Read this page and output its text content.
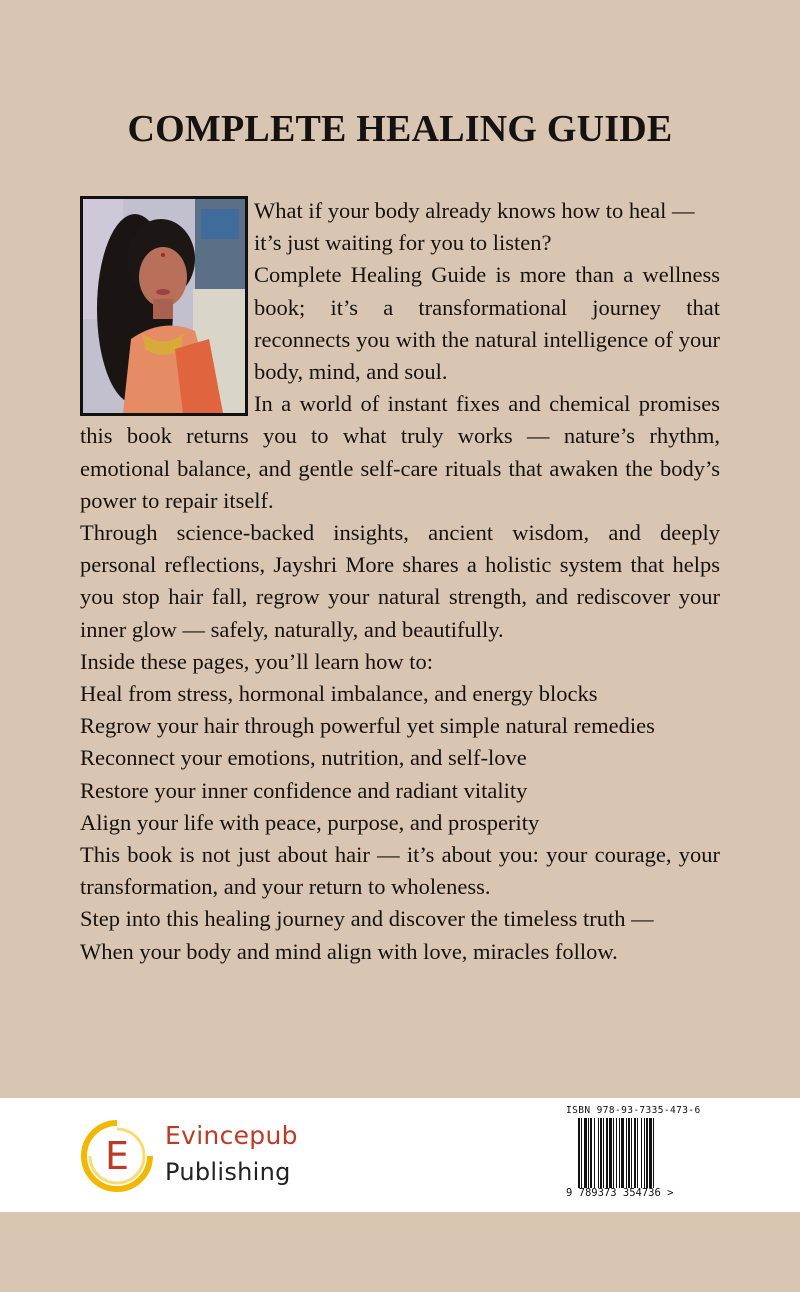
COMPLETE HEALING GUIDE

What if your body already knows how to heal — it’s just waiting for you to listen?

Complete Healing Guide is more than a wellness book; it’s a transformational journey that reconnects you with the natural intelligence of your body, mind, and soul.

In a world of instant fixes and chemical promises this book returns you to what truly works — nature’s rhythm, emotional balance, and gentle self-care rituals that awaken the body’s power to repair itself.

Through science-backed insights, ancient wisdom, and deeply personal reflections, Jayshri More shares a holistic system that helps you stop hair fall, regrow your natural strength, and rediscover your inner glow — safely, naturally, and beautifully.

Inside these pages, you’ll learn how to:

Heal from stress, hormonal imbalance, and energy blocks

Regrow your hair through powerful yet simple natural remedies

Reconnect your emotions, nutrition, and self-love

Restore your inner confidence and radiant vitality

Align your life with peace, purpose, and prosperity

This book is not just about hair — it’s about you: your courage, your transformation, and your return to wholeness.

Step into this healing journey and discover the timeless truth —

When your body and mind align with love, miracles follow.

E Evincepub
Publishing
ISBN 978-93-7335-473-6
9 789373 354736 >
